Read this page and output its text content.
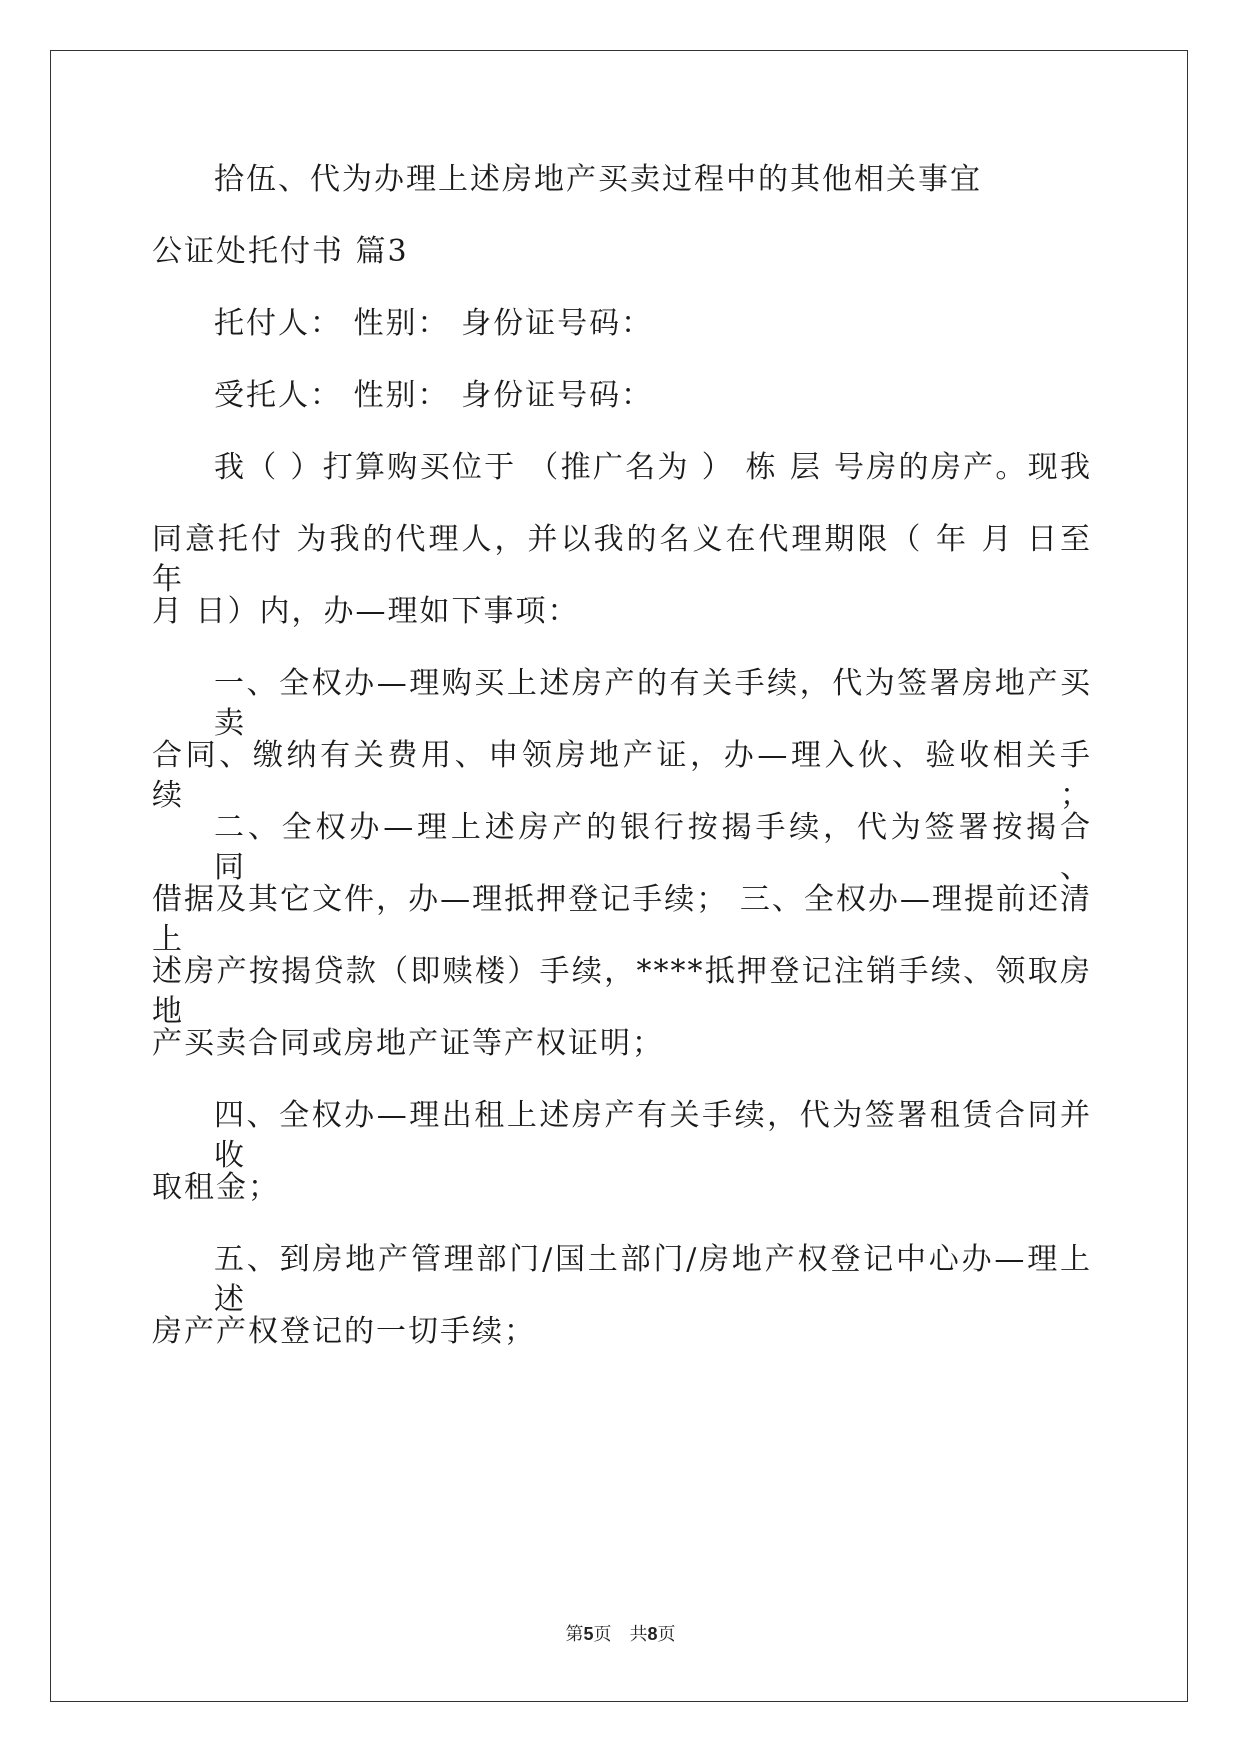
拾伍、代为办理上述房地产买卖过程中的其他相关事宜
公证处托付书 篇3
托付人： 性别： 身份证号码：
受托人： 性别： 身份证号码：
我（ ）打算购买位于 （推广名为 ） 栋 层 号房的房产。现我
同意托付 为我的代理人，并以我的名义在代理期限（ 年 月 日至 年
月 日）内，办—理如下事项：
一、全权办—理购买上述房产的有关手续，代为签署房地产买卖
合同、缴纳有关费用、申领房地产证，办—理入伙、验收相关手续；
二、全权办—理上述房产的银行按揭手续，代为签署按揭合同、
借据及其它文件，办—理抵押登记手续； 三、全权办—理提前还清上
述房产按揭贷款（即赎楼）手续，****抵押登记注销手续、领取房地
产买卖合同或房地产证等产权证明；
四、全权办—理出租上述房产有关手续，代为签署租赁合同并收
取租金；
五、到房地产管理部门/国土部门/房地产权登记中心办—理上述
房产产权登记的一切手续；
第5页　共8页
